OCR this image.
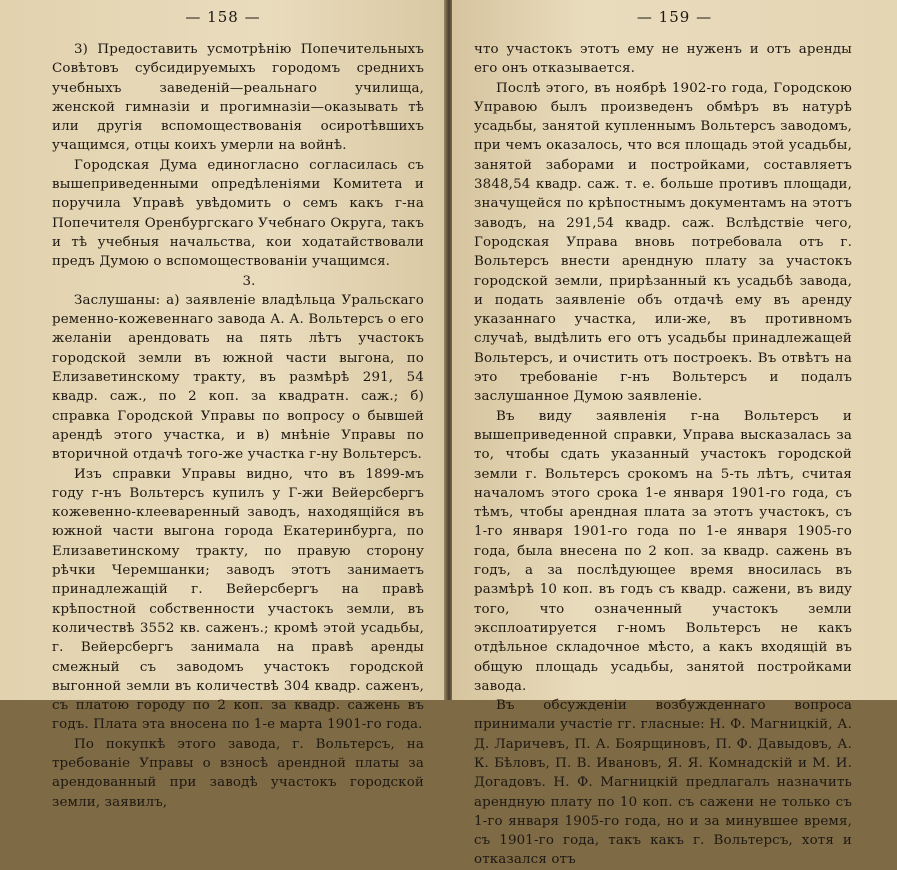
— 158 —

3) Предоставить усмотрѣнію Попечительныхъ Совѣтовъ субсидируемыхъ городомъ среднихъ учебныхъ заведеній—реальнаго училища, женской гимназіи и прогимназіи—оказывать тѣ или другія вспомоществованія осиротѣвшихъ учащимся, отцы коихъ умерли на войнѣ.

Городская Дума единогласно согласилась съ вышеприведенными опредѣленіями Комитета и поручила Управѣ увѣдомить о семъ какъ г-на Попечителя Оренбургскаго Учебнаго Округа, такъ и тѣ учебныя начальства, кои ходатайствовали предъ Думою о вспомоществованіи учащимся.

3.

Заслушаны: а) заявленіе владѣльца Уральскаго ременно-кожевеннаго завода А. А. Вольтерсъ о его желаніи арендовать на пять лѣтъ участокъ городской земли въ южной части выгона, по Елизаветинскому тракту, въ размѣрѣ 291, 54 квадр. саж., по 2 коп. за квадратн. саж.; б) справка Городской Управы по вопросу о бывшей арендѣ этого участка, и в) мнѣніе Управы по вторичной отдачѣ того-же участка г-ну Вольтерсъ.

Изъ справки Управы видно, что въ 1899-мъ году г-нъ Вольтерсъ купилъ у Г-жи Вейерсбергъ кожевенно-клееваренный заводъ, находящійся въ южной части выгона города Екатеринбурга, по Елизаветинскому тракту, по правую сторону рѣчки Черемшанки; заводъ этотъ занимаетъ принадлежащій г. Вейерсбергъ на правѣ крѣпостной собственности участокъ земли, въ количествѣ 3552 кв. саженъ.; кромѣ этой усадьбы, г. Вейерсбергъ занимала на правѣ аренды смежный съ заводомъ участокъ городской выгонной земли въ количествѣ 304 квадр. саженъ, съ платою городу по 2 коп. за квадр. сажень въ годъ. Плата эта вносена по 1-е марта 1901-го года.

По покупкѣ этого завода, г. Вольтерсъ, на требованіе Управы о взносѣ арендной платы за арендованный при заводѣ участокъ городской земли, заявилъ,

— 159 —

что участокъ этотъ ему не нуженъ и отъ аренды его онъ отказывается.

Послѣ этого, въ ноябрѣ 1902-го года, Городскою Управою былъ произведенъ обмѣръ въ натурѣ усадьбы, занятой купленнымъ Вольтерсъ заводомъ, при чемъ оказалось, что вся площадь этой усадьбы, занятой заборами и постройками, составляетъ 3848,54 квадр. саж. т. е. больше противъ площади, значущейся по крѣпостнымъ документамъ на этотъ заводъ, на 291,54 квадр. саж. Вслѣдствіе чего, Городская Управа вновь потребовала отъ г. Вольтерсъ внести арендную плату за участокъ городской земли, прирѣзанный къ усадьбѣ завода, и подать заявленіе объ отдачѣ ему въ аренду указаннаго участка, или-же, въ противномъ случаѣ, выдѣлить его отъ усадьбы принадлежащей Вольтерсъ, и очистить отъ построекъ. Въ отвѣтъ на это требованіе г-нъ Вольтерсъ и подалъ заслушанное Думою заявленіе.

Въ виду заявленія г-на Вольтерсъ и вышеприведенной справки, Управа высказалась за то, чтобы сдать указанный участокъ городской земли г. Вольтерсъ срокомъ на 5-ть лѣтъ, считая началомъ этого срока 1-е января 1901-го года, съ тѣмъ, чтобы арендная плата за этотъ участокъ, съ 1-го января 1901-го года по 1-е января 1905-го года, была внесена по 2 коп. за квадр. сажень въ годъ, а за послѣдующее время вносилась въ размѣрѣ 10 коп. въ годъ съ квадр. сажени, въ виду того, что означенный участокъ земли эксплоатируется г-номъ Вольтерсъ не какъ отдѣльное складочное мѣсто, а какъ входящій въ общую площадь усадьбы, занятой постройками завода.

Въ обсужденіи возбужденнаго вопроса принимали участіе гг. гласные: Н. Ф. Магницкій, А. Д. Ларичевъ, П. А. Боярщиновъ, П. Ф. Давыдовъ, А. К. Бѣловъ, П. В. Ивановъ, Я. Я. Комнадскій и М. И. Догадовъ. Н. Ф. Магницкій предлагалъ назначить арендную плату по 10 коп. съ сажени не только съ 1-го января 1905-го года, но и за минувшее время, съ 1901-го года, такъ какъ г. Вольтерсъ, хотя и отказался отъ
